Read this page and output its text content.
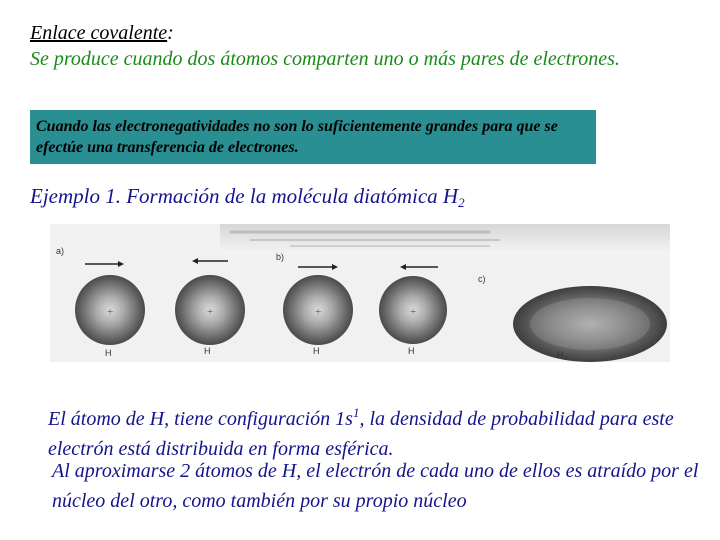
Enlace covalente:
Se produce cuando dos átomos comparten uno o más pares de electrones.
Cuando las electronegatividades no son lo suficientemente grandes para que se efectúe una transferencia de electrones.
Ejemplo 1. Formación de la molécula diatómica $H_2$
a)
b)
c)
+	+	+	+
H	H	H	H	H 2
El átomo de H, tiene configuración $1s^1$, la densidad de probabilidad para este electrón está distribuida en forma esférica.
Al aproximarse 2 átomos de H, el electrón de cada uno de ellos es atraído por el núcleo del otro, como también por su propio núcleo
